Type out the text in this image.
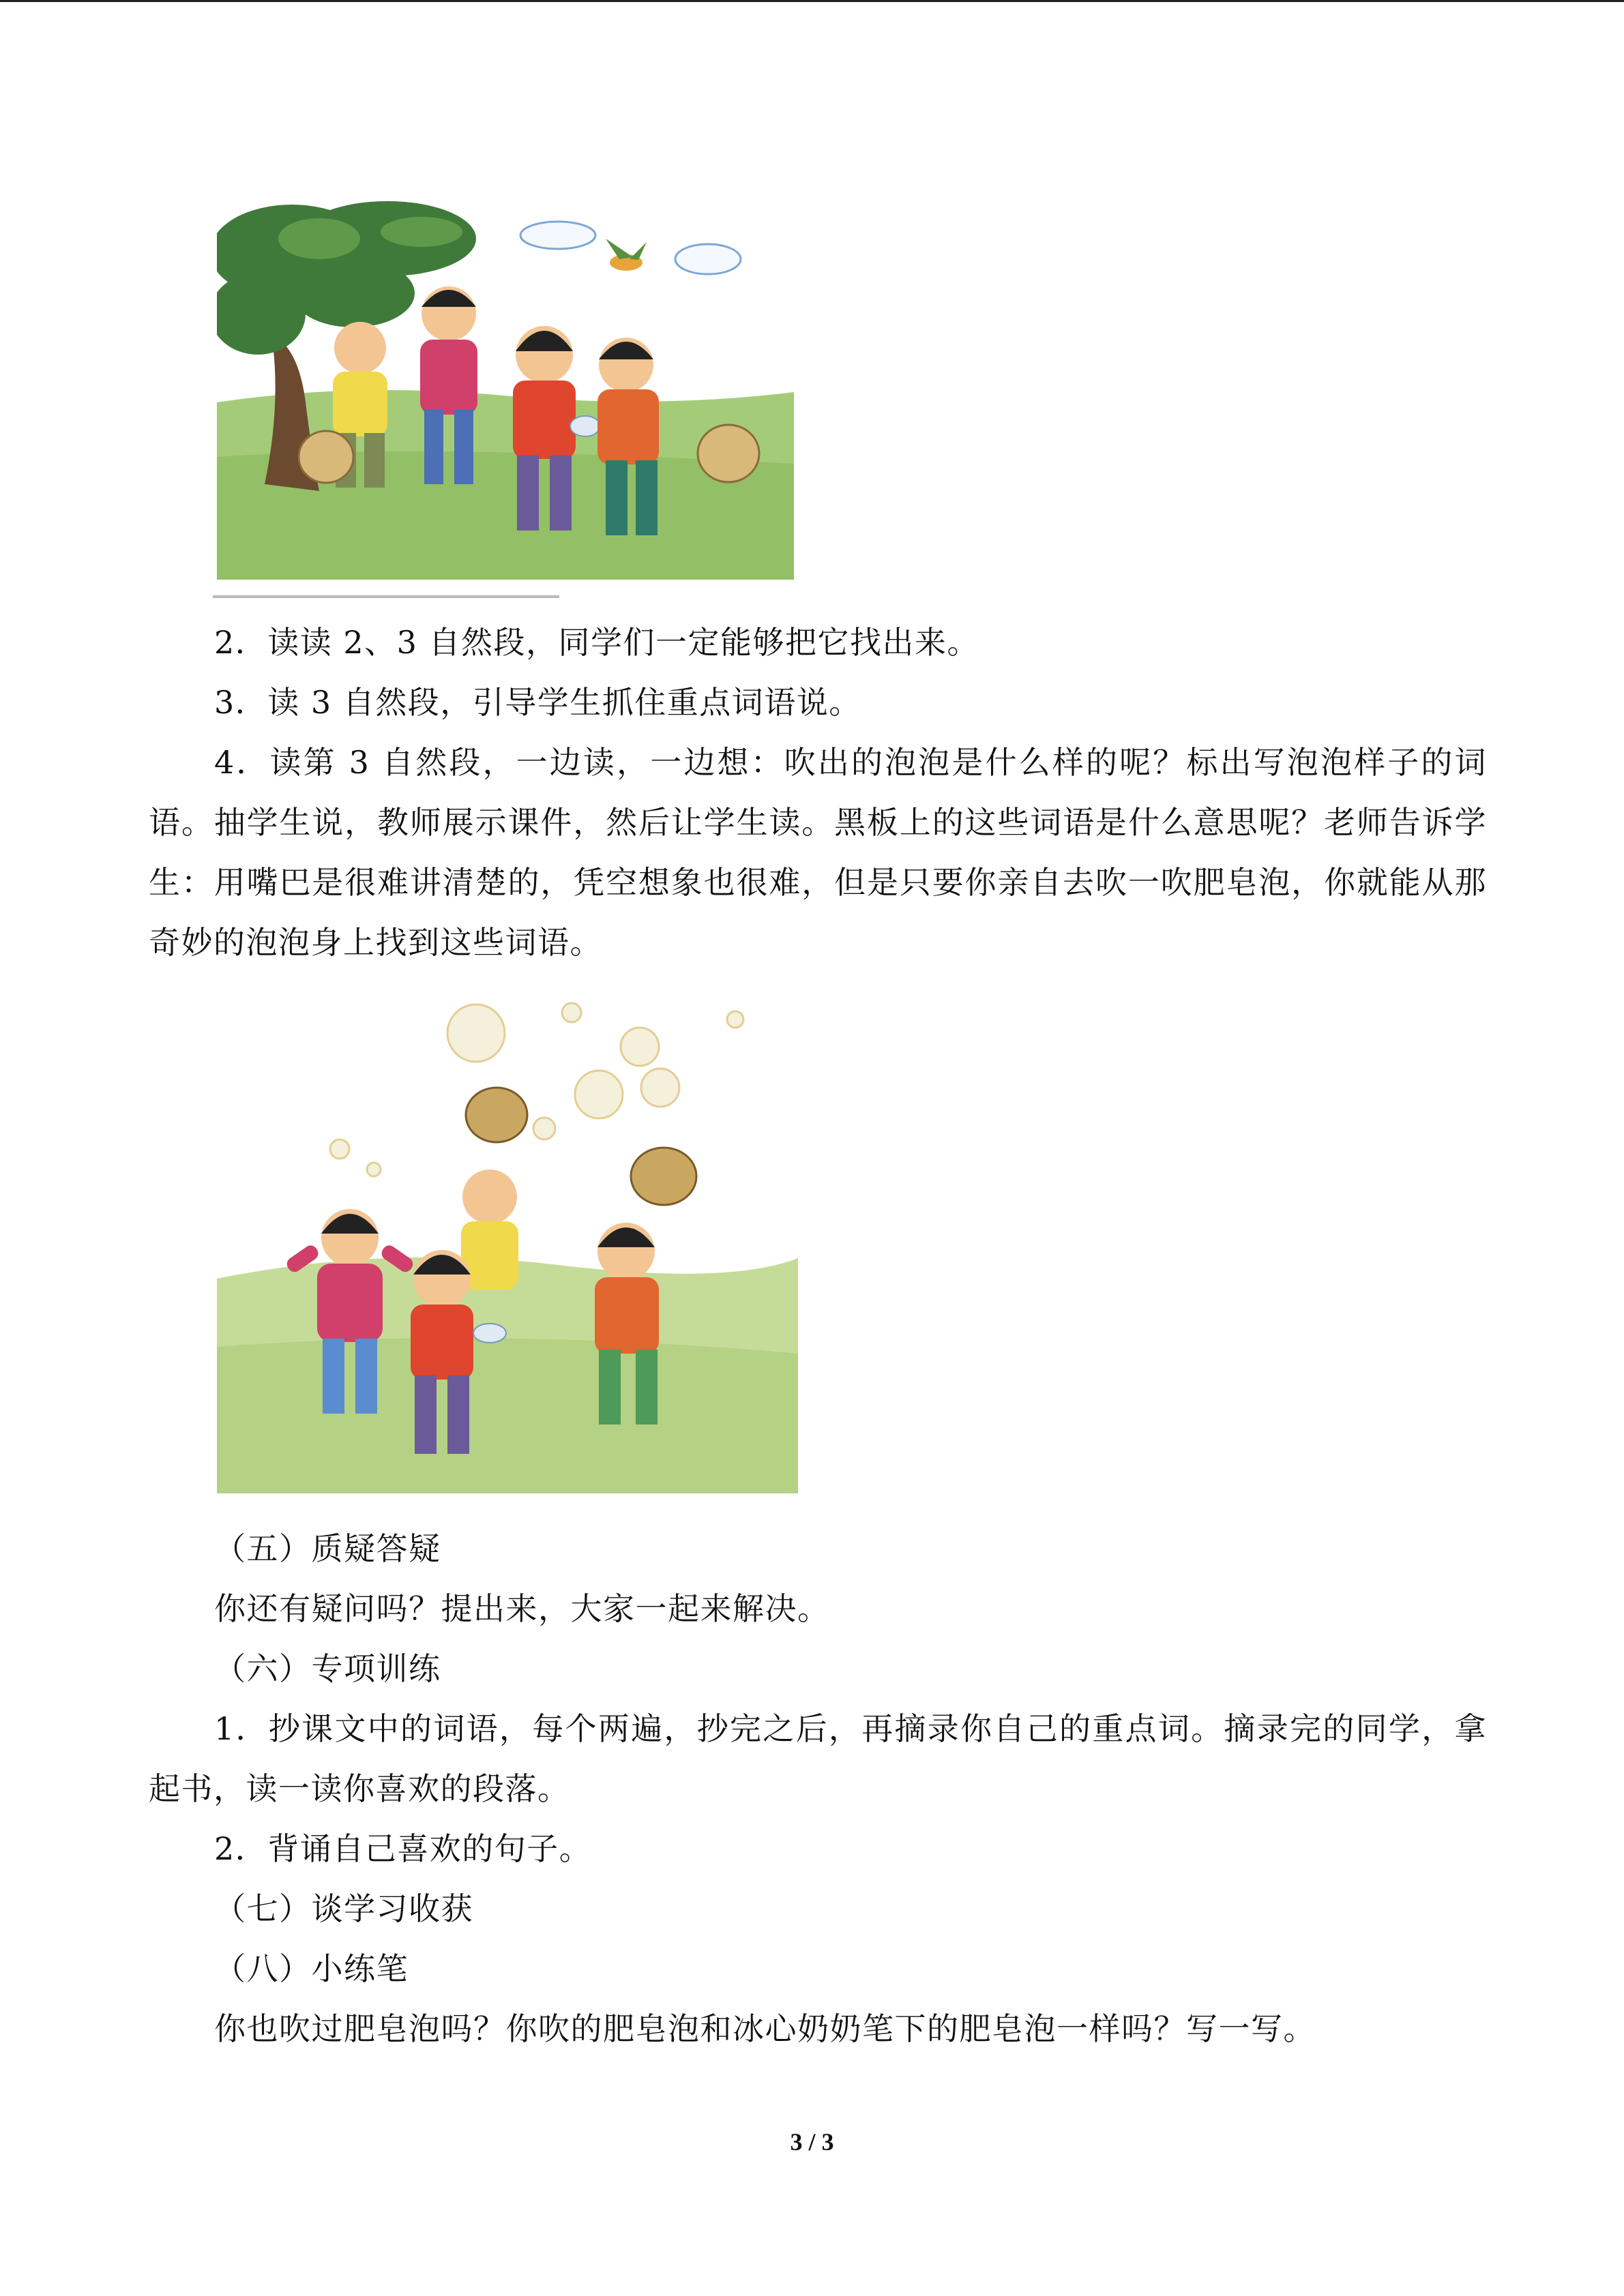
2．读读 2、3 自然段，同学们一定能够把它找出来。

3．读 3 自然段，引导学生抓住重点词语说。

4．读第 3 自然段，一边读，一边想：吹出的泡泡是什么样的呢？标出写泡泡样子的词语。抽学生说，教师展示课件，然后让学生读。黑板上的这些词语是什么意思呢？老师告诉学生：用嘴巴是很难讲清楚的，凭空想象也很难，但是只要你亲自去吹一吹肥皂泡，你就能从那奇妙的泡泡身上找到这些词语。

（五）质疑答疑

你还有疑问吗？提出来，大家一起来解决。

（六）专项训练

1．抄课文中的词语，每个两遍，抄完之后，再摘录你自己的重点词。摘录完的同学，拿起书，读一读你喜欢的段落。

2．背诵自己喜欢的句子。

（七）谈学习收获

（八）小练笔

你也吹过肥皂泡吗？你吹的肥皂泡和冰心奶奶笔下的肥皂泡一样吗？写一写。

3 / 3
